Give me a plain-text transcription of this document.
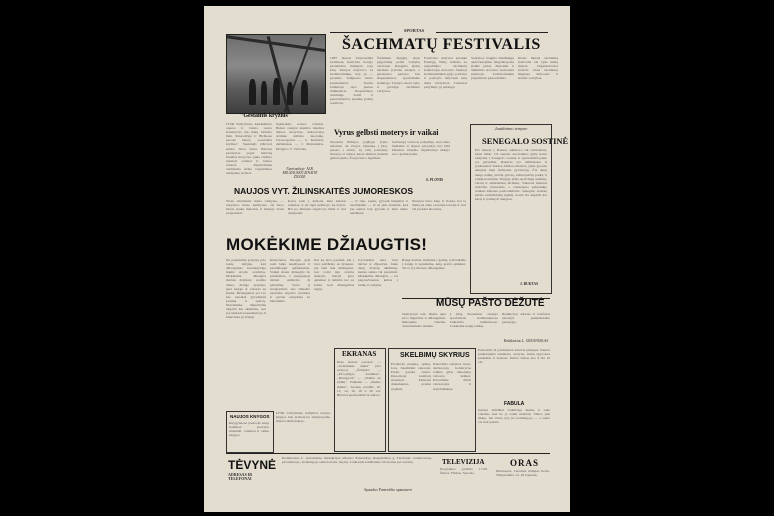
"Gestantis kryžius"
LTSR Valstybinio Akademinio operos ir baleto teatro kolektyvas šių metų birželio mėn. Panevėžyje ir Biržuose parodė baletą „Gestantis kryžius“. Spektaklį žiūrovai sutiko labai šiltai. Baletas pastatytas pagal lietuvių liaudies motyvus, jame vaidino jaunieji solistai ir baleto artistai. Pagrindinius vaidmenis atliko respublikos nusipelnę artistai.
Spektaklio scenos vaizdas. Baleto šokėjai skamba liaudies dainos motyvais, dekoracijos atitinka kūrinio nuotaiką. Choreografas — S. Kerbelis, dailininkas — J. Motiekaitis. Dirigavo V. Viržonis.
Nuotraukoje: ALB. KRUZAUSKO ZINAITE ZIOGIE.
SPORTAS
ŠACHMATŲ FESTIVALIS
1987 metais Tarptautinis šachmatų festivalis Sočyje pastebimai išsiskyrė tarp kitų. Turnyre dalyvavo 14 šachmatininkų, tarp jų — pasaulio čempiono titulo pretendentai. Taurės laimėtoju tapo jaunas didmeistris. Respublikos rinktinėje žaidė ir panevėžiečiai, pasiekę gražių rezultatų.
Šachmatų mėgėjų tarpe pagerbimą pelnė varžybų veteranai. Daugelio ėjimų derinius įvertino teisėjai, o geriausios partijos bus išspausdintos specialiame leidinyje. Turnyro metu vyko ir greitųjų šachmatų varžybos.
Festivalio dalyviai aplankė Palangą, Nidą, susitiko su respublikos šachmatų federacijos atstovais. Jaunieji šachmatininkai įgijo patirties ir pasiryžo dalyvauti kitų metų varžybose. Treneriai pažymėjo jų pažangą.
Varžybos baigėsi iškilmingu apdovanojimu. Nugalėtojams įteikti prizai, diplomai ir atminimo dovanos. Geriausiu jaunuoju šachmatininku pripažintas panevėžietis.
Kitais metais šachmatų festivalis vėl vyks mūsų mieste. Organizatoriai kviečia visus šachmatų mėgėjus dalyvauti ir stebėti varžybas.
Vyrus gelbsti moterys ir vaikai
Neseniai Baltijos pajūryje įvyko nelaimė: du žvejai, išplaukę į jūrą, pateko į audrą. Jų valtį pastebėjo moterys ir vaikai, kurie skubiai pranešė gelbėtojams. Žvejai buvo išgelbėti.
Gelbėtojų vadovas pažymėjo, kad tokia budrumo ir drąsos pavyzdys turi būti žinomas visiems. Išgelbėtieji dėkoja savo gelbėtojams.
S. PLONIS
Jaudinimo temyne
SENEGALO SOSTINĖ
Per miestą į Dakarą atkeliavo tik trečiadienį, labai liūdo. Už senelio nuotraukos grįžę kartu nuėjome į Senegalo sostinę ir pasivaikščiojome jos gatvėmis. Dakaras yra didžiausias ir gražiausias Vakarų Afrikos miestas, jame gyvena daugiau kaip milijonas gyventojų. Čia daug naujų namų, plačių gatvių, žaliuojančių parkų ir ramių krantinių. Turguje pilna spalvingų audinių, vaisių ir amatininkų dirbinių. Vakarais miestas nušvinta šviesomis, o vandenyno pakrantėje renkasi žmonės pasivaikščioti. Senegalo sostinė paliko neišdildomą įspūdį, norisi čia sugrįžti dar kartą ir pamatyti daugiau.
J. BUKTAS
NAUJOS VYT. ŽILINSKAITĖS JUMORESKOS
Visus stiebiantis mano vaikystę, — sakydavo mano kaimynas. Jis buvo tikras juokų meistras ir mokėjo visus prajuokinti.
Kartą jam į kelionę ėmė keistas reikalas, ir jis ilgai nežinojo, ką daryti. Bet po minutės sugalvojo išeitį ir visi nusijuokė.
— Ir taip, sakau, gyvenk linksmai ir nesirūpink! — O aš jam atsakiau, kad jau seniai taip gyvenu ir man nieko netrūksta.
Nesenai buvo kaip ir visada, bet tą dieną jis atėjo su nauja istorija ir visi vėl juokėsi iki ašarų.
MOKĖKIME DŽIAUGTIS!
Da pajaukimų pripratę prie tokių dalykų, kad džiaugsmas kasdienybėje mums atrodo svetimas. Mokėkime džiaugtis mažais dalykais: saulėta diena, draugo šypsena, gera knyga ar vakaras su šeima. Džiaugsmas yra tai, kas suteikia gyvenimui prasmę ir spalvų. Neleiskime rūpesčiams užgožti šių akimirkų, nes jos niekada nepasikartoja ir kiekviena jų brangi.
Kiekvienas žmogus gali rasti laiko nusišypsoti ir pasidžiaugti aplinkiniais. Vaikai moka džiaugtis be priežasties, o suaugusieji dažnai užmiršta šį gebėjimą. Verta jį susigrąžinti, nes linksma nuotaika stiprina sveikatą ir gerina santykius su žmonėmis.
Kai ką nors pasakei, kai į tave pažiūrėjo su šypsena, jau šiek tiek džiaugiesi. Gal todėl taip svarbu mokytis matyti gera aplinkui ir dalintis tuo su kitais, kad džiaugsmas augtų.
Gyvenimas nėra vien darbai ir rūpesčiai. Jame daug šviesių akimirkų, kurias reikia tik pastebėti. Mokėkime džiaugtis — tai paprasčiausias kelias į laimę ir ramybę.
Baigę darbus, išeikime į gamtą, pažvelkime į dangų ir pajuskime, kaip gražu aplinkui. Tai ir yra tikrasis džiaugsmas.
MŪSŲ PAŠTO DĖŽUTĖ
Skaitytojai rašo mums apie savo rūpesčius ir džiaugsmus. Dėkojame visiems, atsiuntusiems laiškus.
Į jūsų klausimus atsakys specialistai artimiausiuose laikraščio numeriuose. Laukiame naujų laiškų.
Redakcijos adresas ir telefonai nurodyti paskutiniame puslapyje.
Redaktorius L. GRUSNISKAS
EKRANAS
Kino teatras „Garsas“ — „Sodininkės duktė“ (dvi serijos). „Žemyna“ — „Pavojingas žaidimas“. „Draugystė“ — „Naktis be ėjimų“. Vaikams — „Ruduo miške“. Seansų pradžia 10, 12, 14, 16, 18 ir 20 val. Bilietai parduodami iš anksto.
SKELBIMŲ SKYRIUS
Parduodu pianiną, spintą, lovą. Skambinti vakarais. Perku garažą centre. Išnuomoju kambarį studentei. Pametus dokumentus prašau grąžinti.
Panevėžio statybos tresto darbuotojų kolektyvas reiškia gilią užuojautą velionio šeimai. Kviečiame dirbti vairuotojus ir statybininkus.
Panevėžio II parduotuvė kviečia pirkėjus. Nuolat prekiaujama audiniais, avalyne, namų apyvokos prekėmis ir žaislais. Darbo laikas nuo 9 iki 19 val.
FABULA
Gaidys išdidžiai vaikščiojo kieme ir sakė visiems, kad be jo saulė neišeitų. Vištos jam tikėjo, bet vieną rytą jis pramiegojo — o saulė vis tiek pakilo.
NAUJOS KNYGOS
Knygynuose pasirodė nauji leidiniai: poezijos rinkiniai, romanai ir vaikų knygos.
LTSR valstybinės leidyklos naujos knygos bus pristatytos skaitytojams miesto bibliotekoje.
TĖVYNĖ
ADRESAS IR TELEFONAI
Redaktorius L. Grusniskas. Redakcijos adresas: Panevėžys, Respublikos g. Telefonai: redaktoriaus, pavaduotojo, atsakingojo sekretoriaus, skyrių. Laikraštis leidžiamas tris kartus per savaitę.	TELEVIZIJA
Programos pradžia 17.00. Žinios. Filmas. Sportas.
ORAS
Debesuota, vietomis trumpas lietus. Temperatūra 14–18 laipsnių.
Spaudos Panevėžio spaustuvė
